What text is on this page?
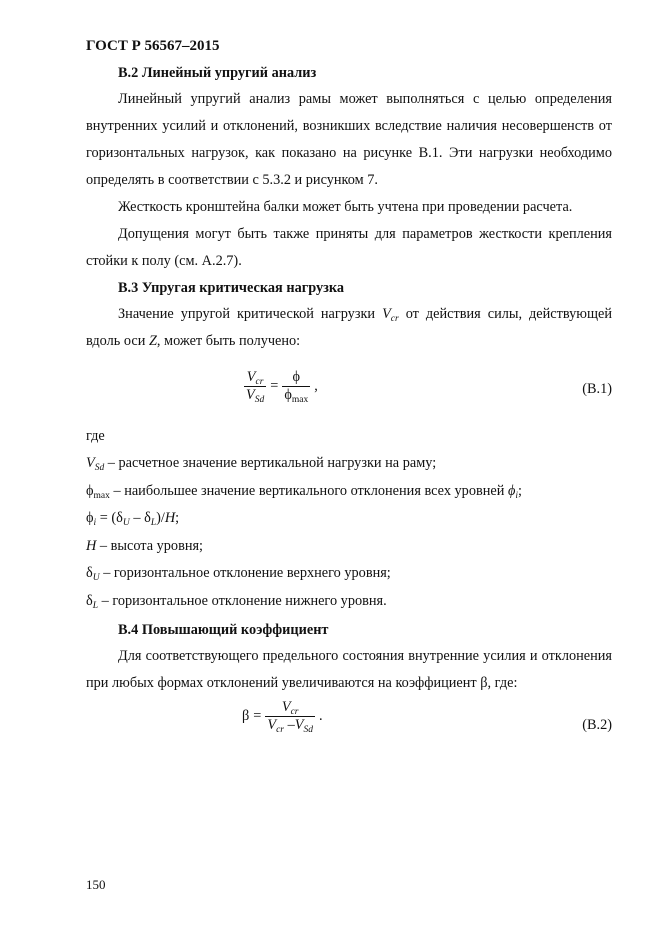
ГОСТ Р 56567–2015
В.2 Линейный упругий анализ

Линейный упругий анализ рамы может выполняться с целью определения внутренних усилий и отклонений, возникших вследствие наличия несовершенств от горизонтальных нагрузок, как показано на рисунке В.1. Эти нагрузки необходимо определять в соответствии с 5.3.2 и рисунком 7.

Жесткость кронштейна балки может быть учтена при проведении расчета.

Допущения могут быть также приняты для параметров жесткости крепления стойки к полу (см. А.2.7).

В.3 Упругая критическая нагрузка

Значение упругой критической нагрузки $V_{cr}$ от действия силы, действующей вдоль оси Z, может быть получено:

$\frac{V_{cr}}{V_{Sd}} = \frac{\phi}{\phi_{max}}$ ,	(В.1)

где

$V_{Sd}$ – расчетное значение вертикальной нагрузки на раму;
$\phi_{max}$ – наибольшее значение вертикального отклонения всех уровней $\phi_i$;
$\phi_i = (\delta_U - \delta_L)/H$;
H – высота уровня;
$\delta_U$ – горизонтальное отклонение верхнего уровня;
$\delta_L$ – горизонтальное отклонение нижнего уровня.
В.4 Повышающий коэффициент

Для соответствующего предельного состояния внутренние усилия и отклонения при любых формах отклонений увеличиваются на коэффициент β, где:

$\beta = \frac{V_{cr}}{V_{cr} -V_{Sd}}$ .
(В.2)
150
